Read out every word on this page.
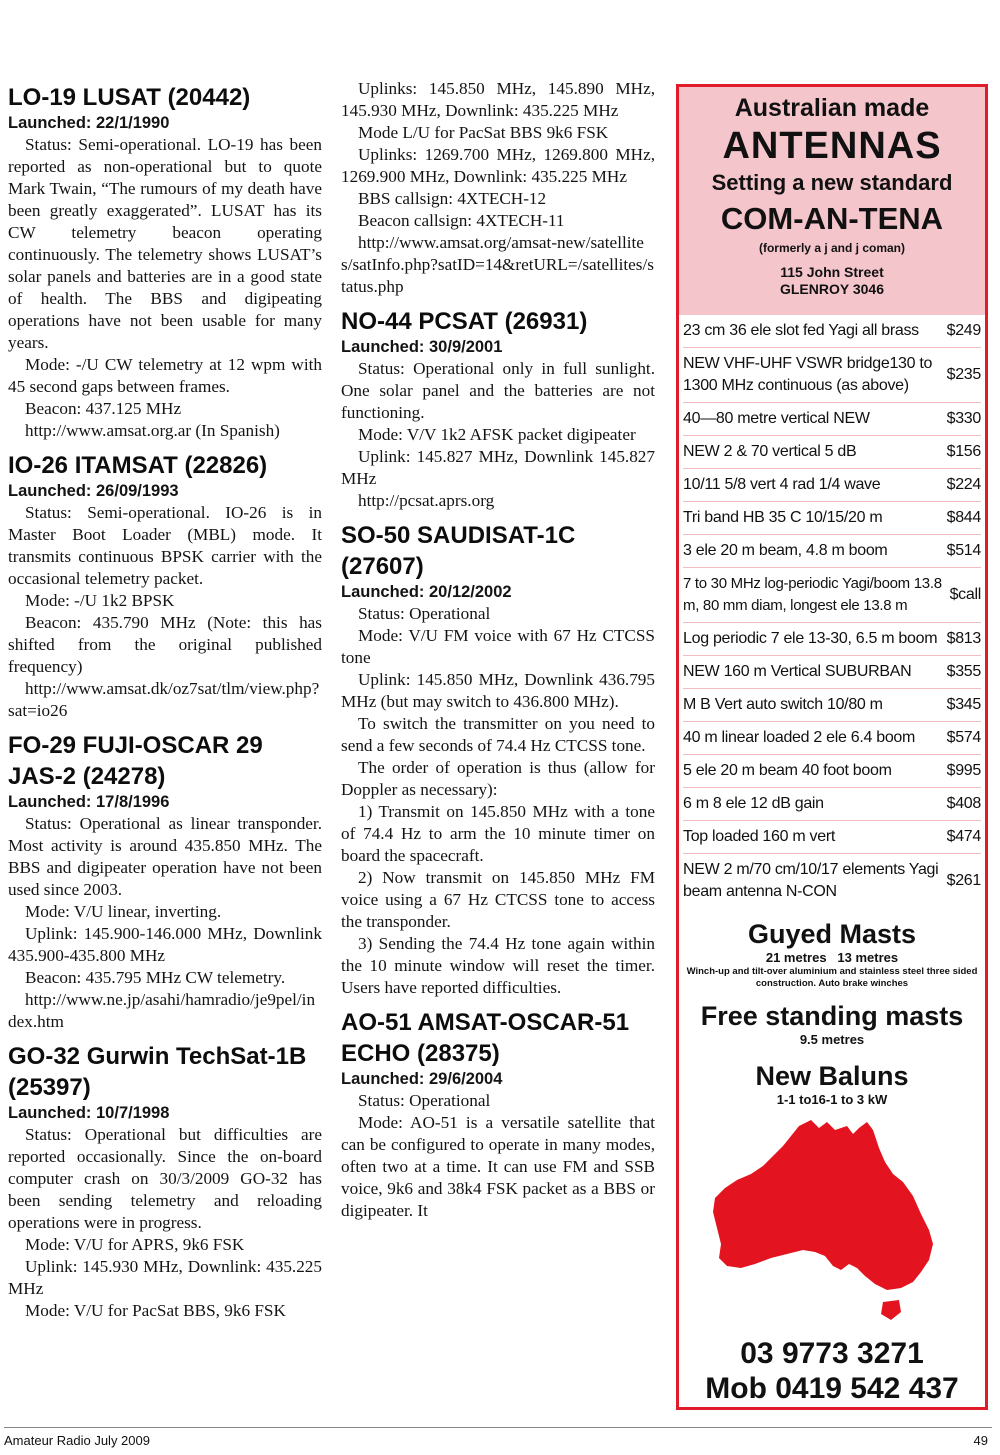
LO-19 LUSAT (20442)
Launched: 22/1/1990

Status: Semi-operational. LO-19 has been reported as non-operational but to quote Mark Twain, “The rumours of my death have been greatly exaggerated”. LUSAT has its CW telemetry beacon operating continuously. The telemetry shows LUSAT’s solar panels and batteries are in a good state of health. The BBS and digipeating operations have not been usable for many years.

Mode: -/U CW telemetry at 12 wpm with 45 second gaps between frames.

Beacon: 437.125 MHz

http://www.amsat.org.ar (In Spanish)

IO-26 ITAMSAT (22826)
Launched: 26/09/1993

Status: Semi-operational. IO-26 is in Master Boot Loader (MBL) mode. It transmits continuous BPSK carrier with the occasional telemetry packet.

Mode: -/U 1k2 BPSK

Beacon: 435.790 MHz (Note: this has shifted from the original published frequency)

http://www.amsat.dk/oz7sat/tlm/view.php?sat=io26

FO-29 FUJI-OSCAR 29 JAS-2 (24278)
Launched: 17/8/1996

Status: Operational as linear transponder. Most activity is around 435.850 MHz. The BBS and digipeater operation have not been used since 2003.

Mode: V/U linear, inverting.

Uplink: 145.900-146.000 MHz, Downlink 435.900-435.800 MHz

Beacon: 435.795 MHz CW telemetry.

http://www.ne.jp/asahi/hamradio/je9pel/index.htm

GO-32 Gurwin TechSat-1B (25397)
Launched: 10/7/1998

Status: Operational but difficulties are reported occasionally. Since the on-board computer crash on 30/3/2009 GO-32 has been sending telemetry and reloading operations were in progress.

Mode: V/U for APRS, 9k6 FSK

Uplink: 145.930 MHz, Downlink: 435.225 MHz

Mode: V/U for PacSat BBS, 9k6 FSK

Uplinks: 145.850 MHz, 145.890 MHz, 145.930 MHz, Downlink: 435.225 MHz

Mode L/U for PacSat BBS 9k6 FSK

Uplinks: 1269.700 MHz, 1269.800 MHz, 1269.900 MHz, Downlink: 435.225 MHz

BBS callsign: 4XTECH-12

Beacon callsign: 4XTECH-11

http://www.amsat.org/amsat-new/satellites/satInfo.php?satID=14&retURL=/satellites/status.php

NO-44 PCSAT (26931)
Launched: 30/9/2001

Status: Operational only in full sunlight. One solar panel and the batteries are not functioning.

Mode: V/V 1k2 AFSK packet digipeater

Uplink: 145.827 MHz, Downlink 145.827 MHz

http://pcsat.aprs.org

SO-50 SAUDISAT-1C (27607)
Launched: 20/12/2002

Status: Operational

Mode: V/U FM voice with 67 Hz CTCSS tone

Uplink: 145.850 MHz, Downlink 436.795 MHz (but may switch to 436.800 MHz).

To switch the transmitter on you need to send a few seconds of 74.4 Hz CTCSS tone.

The order of operation is thus (allow for Doppler as necessary):

1) Transmit on 145.850 MHz with a tone of 74.4 Hz to arm the 10 minute timer on board the spacecraft.

2) Now transmit on 145.850 MHz FM voice using a 67 Hz CTCSS tone to access the transponder.

3) Sending the 74.4 Hz tone again within the 10 minute window will reset the timer. Users have reported difficulties.

AO-51 AMSAT-OSCAR-51 ECHO (28375)
Launched: 29/6/2004

Status: Operational

Mode: AO-51 is a versatile satellite that can be configured to operate in many modes, often two at a time. It can use FM and SSB voice, 9k6 and 38k4 FSK packet as a BBS or digipeater. It

Australian made
ANTENNAS
Setting a new standard
COM-AN-TENA
(formerly a j and j coman)
115 John Street
GLENROY 3046
23 cm 36 ele slot fed Yagi all brass	$249
NEW VHF-UHF VSWR bridge130 to 1300 MHz continuous (as above)
$235
40—80 metre vertical NEW	$330
NEW 2 & 70 vertical 5 dB	$156
10/11 5/8 vert 4 rad 1/4 wave	$224
Tri band HB 35 C 10/15/20 m	$844
3 ele 20 m beam, 4.8 m boom	$514
7 to 30 MHz log-periodic Yagi/boom 13.8 m, 80 mm diam, longest ele 13.8 m
$call
Log periodic 7 ele 13-30, 6.5 m boom $813
NEW 160 m Vertical SUBURBAN	$355
M B Vert auto switch 10/80 m	$345
40 m linear loaded 2 ele 6.4 boom	$574
5 ele 20 m beam 40 foot boom	$995
6 m 8 ele 12 dB gain	$408
Top loaded 160 m vert	$474
NEW 2 m/70 cm/10/17 elements Yagi beam antenna N-CON
$261
Guyed Masts
21 metres   13 metres
Winch-up and tilt-over aluminium and stainless steel three sided construction. Auto brake winches
Free standing masts
9.5 metres
New Baluns
1-1 to16-1 to 3 kW
03 9773 3271
Mob 0419 542 437
Amateur Radio July 2009	49
